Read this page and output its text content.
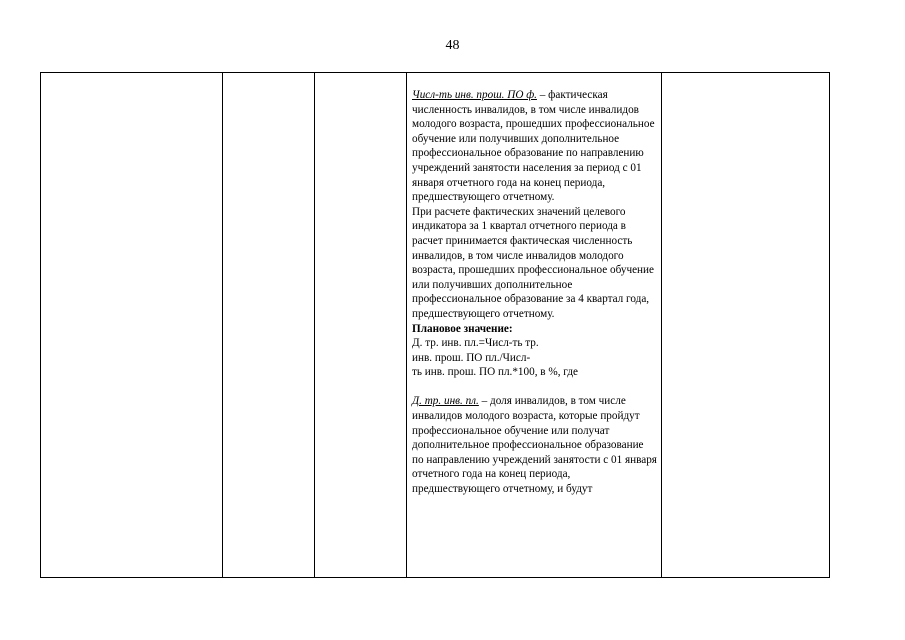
48

Числ-ть инв. прош. ПО ф. – фактическая численность инвалидов, в том числе инвалидов молодого возраста, прошедших профессиональное обучение или получивших дополнительное профессиональное образование по направлению учреждений занятости населения за период с 01 января отчетного года на конец периода, предшествующего отчетному.

При расчете фактических значений целевого индикатора за 1 квартал отчетного периода в расчет принимается фактическая численность инвалидов, в том числе инвалидов молодого возраста, прошедших профессиональное обучение или получивших дополнительное профессиональное образование за 4 квартал года, предшествующего отчетному.

Плановое значение:

Д. тр. инв. пл.=Числ-ть тр.

инв. прош. ПО пл./Числ-

ть инв. прош. ПО пл.*100, в %, где

Д. тр. инв. пл. – доля инвалидов, в том числе инвалидов молодого возраста, которые пройдут профессиональное обучение или получат дополнительное профессиональное образование по направлению учреждений занятости с 01 января отчетного года на конец периода, предшествующего отчетному, и будут
